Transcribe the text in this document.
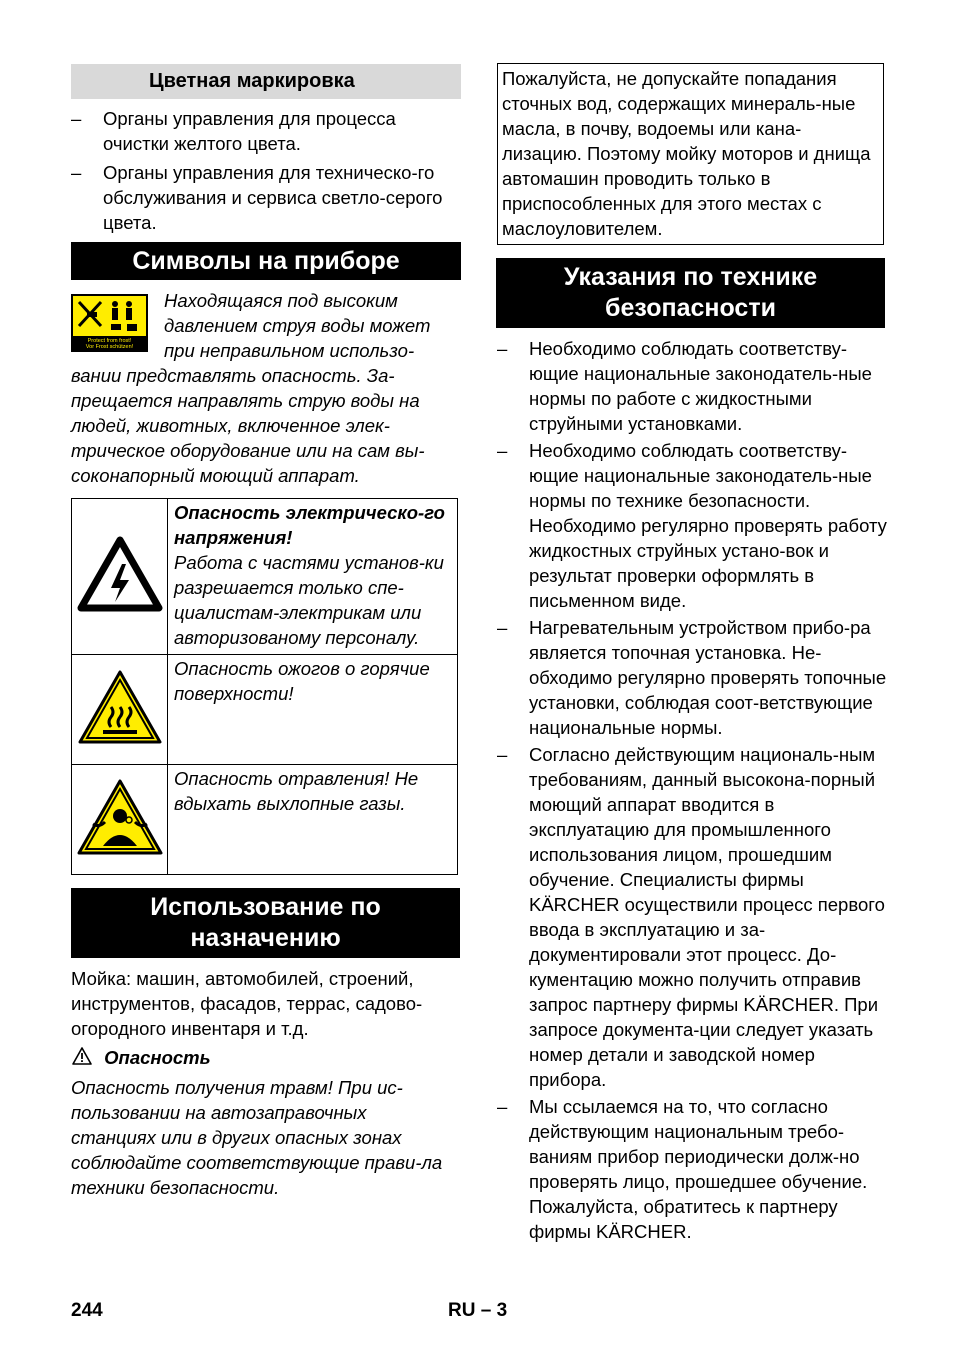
Цветная маркировка
– Органы управления для процесса очистки желтого цвета.
– Органы управления для техническо-го обслуживания и сервиса светло-серого цвета.
Символы на приборе
Protect from frost!
Vor Frost schützen!
Находящаяся под высоким давлением струя воды может при неправильном использо-вании представлять опасность. За-прещается направлять струю воды на людей, животных, включенное элек-трическое оборудование или на сам вы-соконапорный моющий аппарат.

Опасность электрическо-го напряжения!
Работа с частями установ-ки разрешается только спе-циалистам-электрикам или авторизованому персоналу.

Опасность ожогов о горячие поверхности!

Опасность отравления! Не вдыхать выхлопные газы.
Использование по назначению
Мойка: машин, автомобилей, строений, инструментов, фасадов, террас, садово-огородного инвентаря и т.д.
Опасность
Опасность получения травм! При ис-пользовании на автозаправочных станциях или в других опасных зонах соблюдайте соответствующие прави-ла техники безопасности.
Пожалуйста, не допускайте попадания сточных вод, содержащих минераль-ные масла, в почву, водоемы или кана-лизацию. Поэтому мойку моторов и днища автомашин проводить только в приспособленных для этого местах с маслоуловителем.
Указания по технике безопасности
– Необходимо соблюдать соответству-ющие национальные законодатель-ные нормы по работе с жидкостными струйными установками.
– Необходимо соблюдать соответству-ющие национальные законодатель-ные нормы по технике безопасности. Необходимо регулярно проверять работу жидкостных струйных устано-вок и результат проверки оформлять в письменном виде.
– Нагревательным устройством прибо-ра является топочная установка. Не-обходимо регулярно проверять топочные установки, соблюдая соот-ветствующие национальные нормы.
– Согласно действующим националь-ным требованиям, данный высокона-порный моющий аппарат вводится в эксплуатацию для промышленного использования лицом, прошедшим обучение. Специалисты фирмы KÄRCHER осуществили процесс первого ввода в эксплуатацию и за-документировали этот процесс. До-кументацию можно получить отправив запрос партнеру фирмы KÄRCHER. При запросе документа-ции следует указать номер детали и заводской номер прибора.
– Мы ссылаемся на то, что согласно действующим национальным требо-ваниям прибор периодически долж-но проверять лицо, прошедшее обучение. Пожалуйста, обратитесь к партнеру фирмы KÄRCHER.
244	RU – 3
